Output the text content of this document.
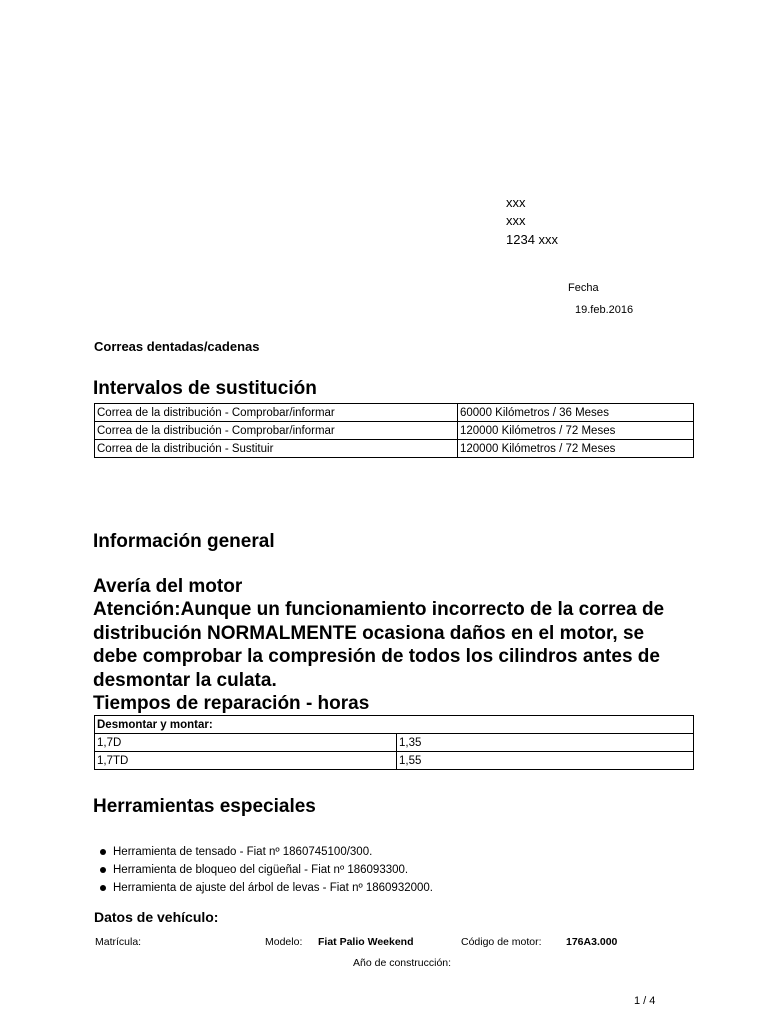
xxx
xxx
1234 xxx
Fecha
19.feb.2016
Correas dentadas/cadenas
Intervalos de sustitución
Correa de la distribución - Comprobar/informar	60000 Kilómetros / 36 Meses
Correa de la distribución - Comprobar/informar	120000 Kilómetros / 72 Meses
Correa de la distribución - Sustituir	120000 Kilómetros / 72 Meses
Información general
Avería del motor
Atención:Aunque un funcionamiento incorrecto de la correa de distribución NORMALMENTE ocasiona daños en el motor, se debe comprobar la compresión de todos los cilindros antes de desmontar la culata.
Tiempos de reparación - horas
Desmontar y montar:	
1,7D	1,35
1,7TD	1,55
Herramientas especiales
Herramienta de tensado - Fiat nº 1860745100/300.
Herramienta de bloqueo del cigüeñal - Fiat nº 186093300.
Herramienta de ajuste del árbol de levas - Fiat nº 1860932000.
Datos de vehículo:
Matrícula:	Modelo: Fiat Palio Weekend	Código de motor: 176A3.000
Año de construcción:
1 / 4
